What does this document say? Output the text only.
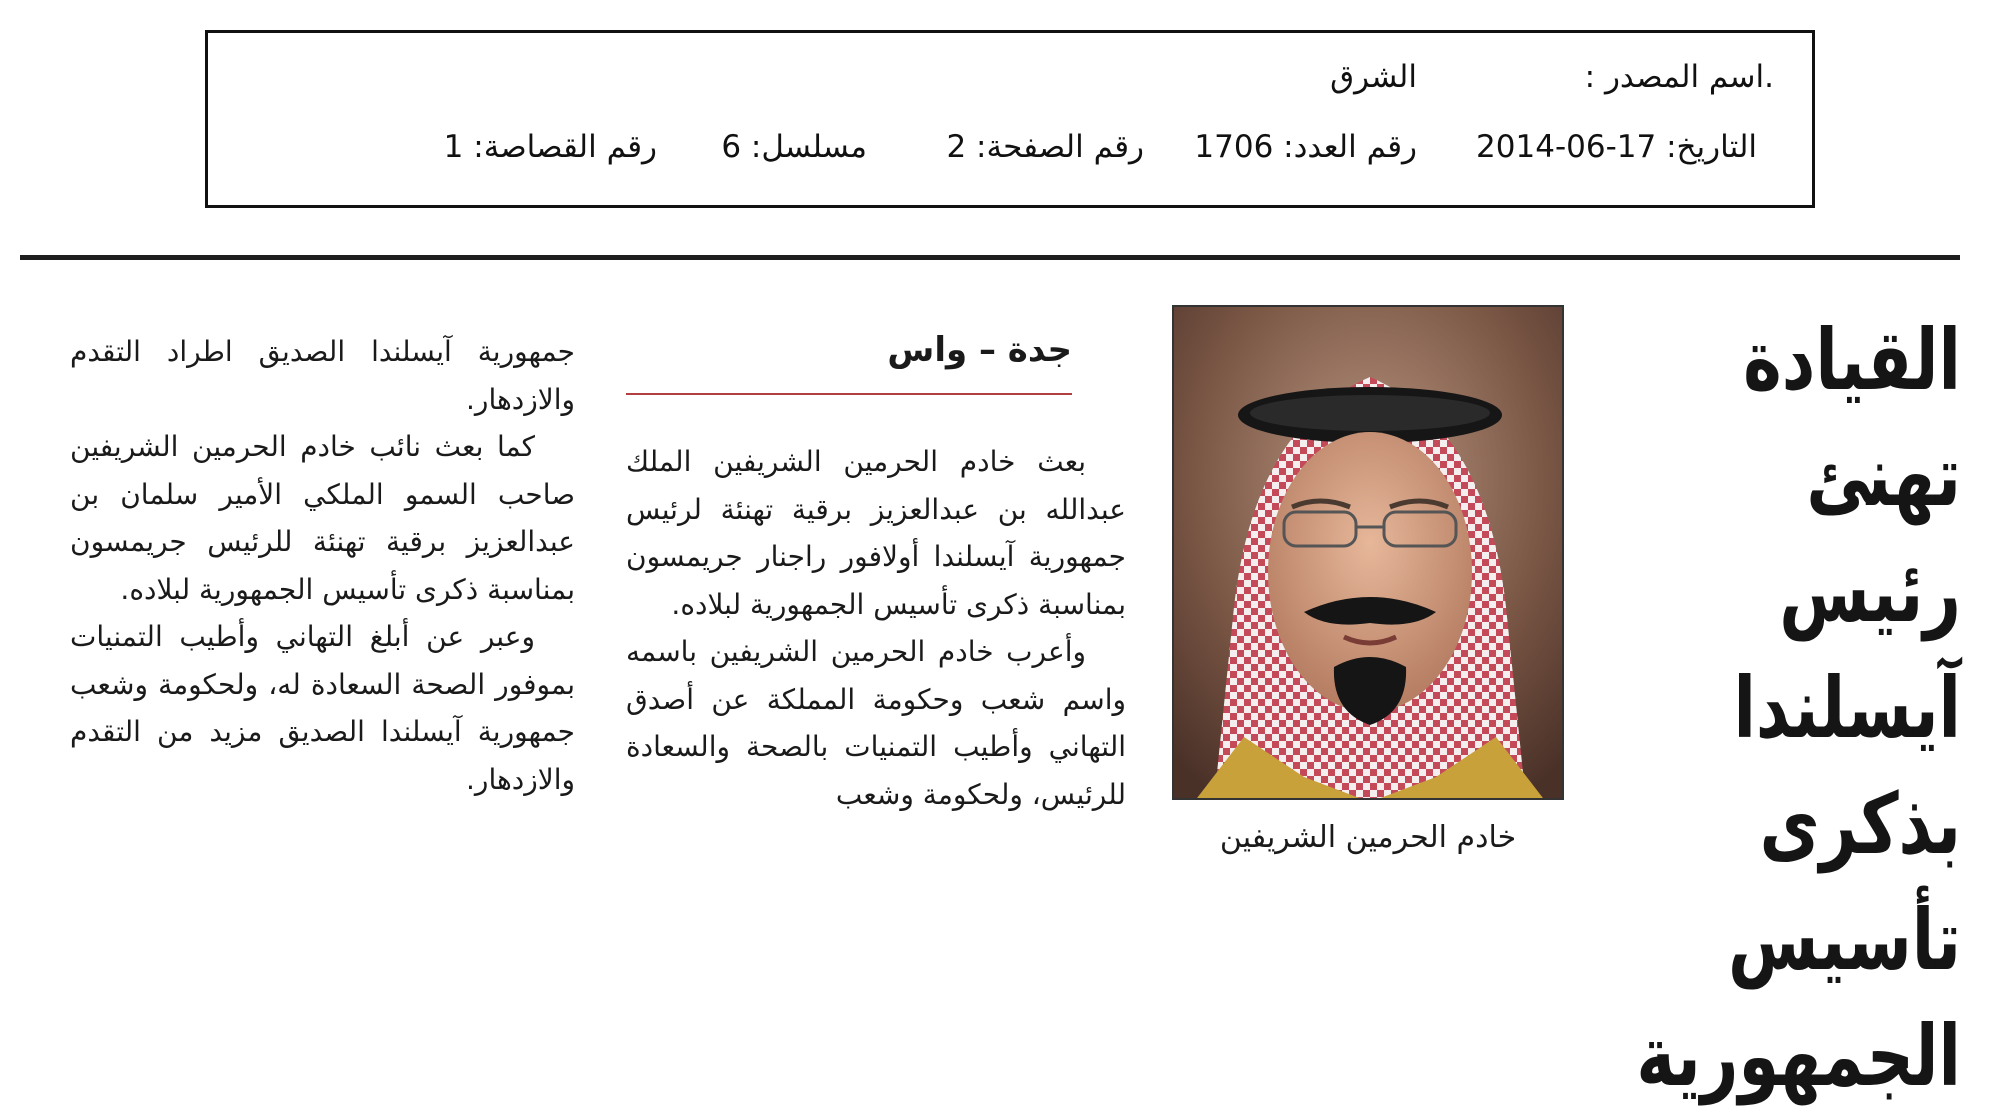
.اسم المصدر :
الشرق
التاريخ: 17-06-2014
رقم العدد: 1706
رقم الصفحة: 2
مسلسل: 6
رقم القصاصة: 1
القيادة تهنئ
رئيس آيسلندا
بذكرى
تأسيس
الجمهورية
خادم الحرمين الشريفين
جدة – واس

بعث خادم الحرمين الشريفين الملك عبدالله بن عبدالعزيز برقية تهنئة لرئيس جمهورية آيسلندا أولافور راجنار جريمسون بمناسبة ذكرى تأسيس الجمهورية لبلاده.

وأعرب خادم الحرمين الشريفين باسمه واسم شعب وحكومة المملكة عن أصدق التهاني وأطيب التمنيات بالصحة والسعادة للرئيس، ولحكومة وشعب

جمهورية آيسلندا الصديق اطراد التقدم والازدهار.

كما بعث نائب خادم الحرمين الشريفين صاحب السمو الملكي الأمير سلمان بن عبدالعزيز برقية تهنئة للرئيس جريمسون بمناسبة ذكرى تأسيس الجمهورية لبلاده.

وعبر عن أبلغ التهاني وأطيب التمنيات بموفور الصحة السعادة له، ولحكومة وشعب جمهورية آيسلندا الصديق مزيد من التقدم والازدهار.
